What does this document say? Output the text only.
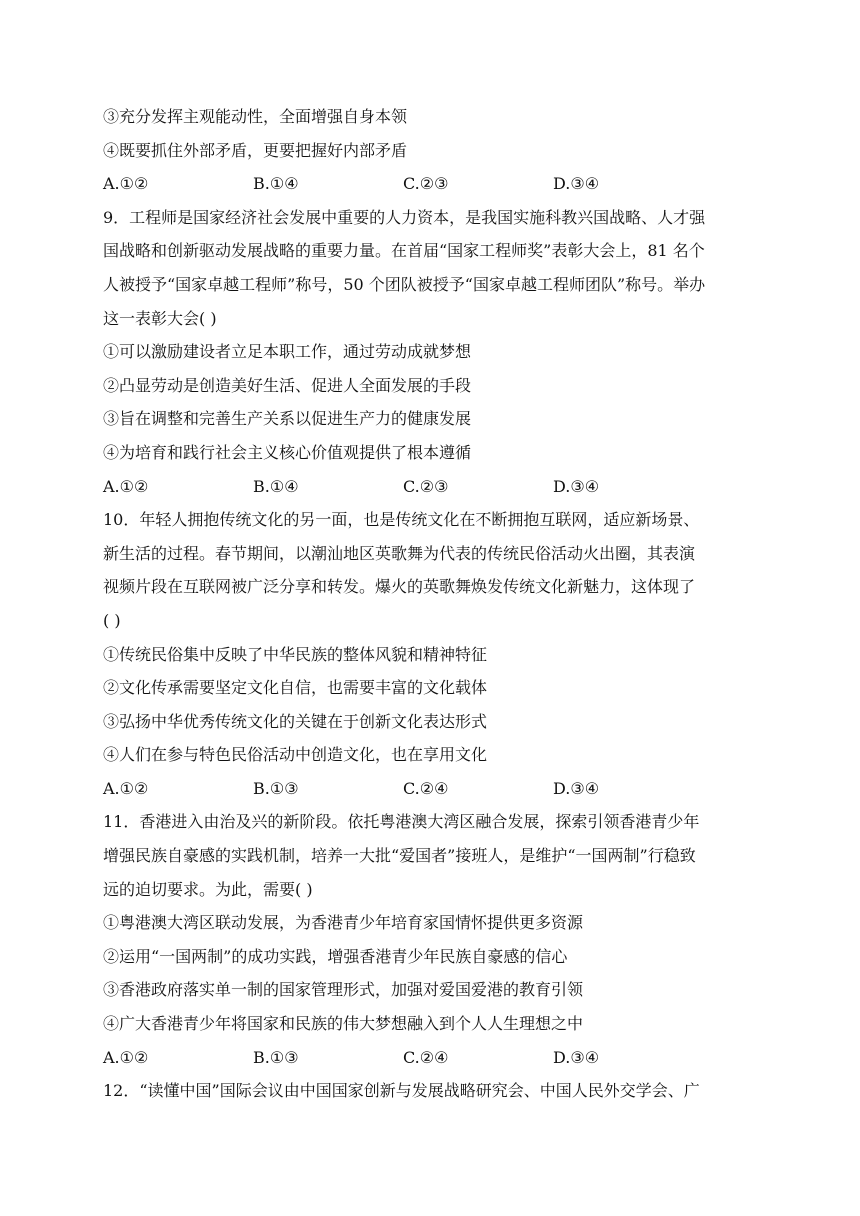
③充分发挥主观能动性，全面增强自身本领
④既要抓住外部矛盾，更要把握好内部矛盾
A.①②	B.①④	C.②③	D.③④
9．工程师是国家经济社会发展中重要的人力资本，是我国实施科教兴国战略、人才强
国战略和创新驱动发展战略的重要力量。在首届“国家工程师奖”表彰大会上，81 名个
人被授予“国家卓越工程师”称号，50 个团队被授予“国家卓越工程师团队”称号。举办
这一表彰大会( )
①可以激励建设者立足本职工作，通过劳动成就梦想
②凸显劳动是创造美好生活、促进人全面发展的手段
③旨在调整和完善生产关系以促进生产力的健康发展
④为培育和践行社会主义核心价值观提供了根本遵循
A.①②	B.①④	C.②③	D.③④
10．年轻人拥抱传统文化的另一面，也是传统文化在不断拥抱互联网，适应新场景、
新生活的过程。春节期间，以潮汕地区英歌舞为代表的传统民俗活动火出圈，其表演
视频片段在互联网被广泛分享和转发。爆火的英歌舞焕发传统文化新魅力，这体现了
( )
①传统民俗集中反映了中华民族的整体风貌和精神特征
②文化传承需要坚定文化自信，也需要丰富的文化载体
③弘扬中华优秀传统文化的关键在于创新文化表达形式
④人们在参与特色民俗活动中创造文化，也在享用文化
A.①②	B.①③	C.②④	D.③④
11．香港进入由治及兴的新阶段。依托粤港澳大湾区融合发展，探索引领香港青少年
增强民族自豪感的实践机制，培养一大批“爱国者”接班人，是维护“一国两制”行稳致
远的迫切要求。为此，需要( )
①粤港澳大湾区联动发展，为香港青少年培育家国情怀提供更多资源
②运用“一国两制”的成功实践，增强香港青少年民族自豪感的信心
③香港政府落实单一制的国家管理形式，加强对爱国爱港的教育引领
④广大香港青少年将国家和民族的伟大梦想融入到个人人生理想之中
A.①②	B.①③	C.②④	D.③④
12．“读懂中国”国际会议由中国国家创新与发展战略研究会、中国人民外交学会、广
